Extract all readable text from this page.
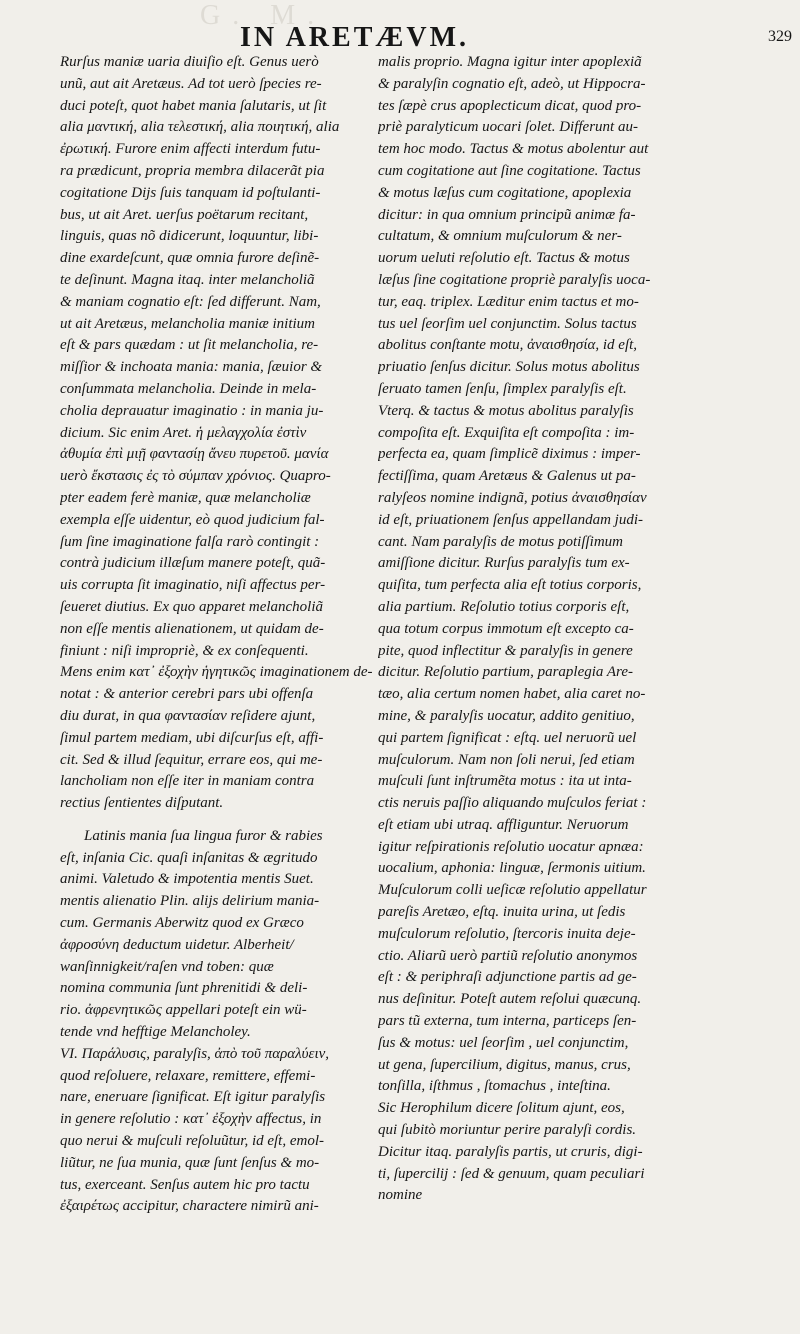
G. M.
IN ARETÆVM.	329
Rurſus maniæ uaria diuiſio eſt. Genus uerò
unũ, aut ait Aretæus. Ad tot uerò ſpecies re-
duci poteſt, quot habet mania ſalutaris, ut ſit
alia μαντική, alia τελεστική, alia ποιητική, alia
ἐρωτική. Furore enim affecti interdum futu-
ra prædicunt, propria membra dilacerãt pia
cogitatione Dijs ſuis tanquam id poſtulanti-
bus, ut ait Aret. uerſus poëtarum recitant,
linguis, quas nõ didicerunt, loquuntur, libi-
dine exardeſcunt, quæ omnia furore deſinẽ-
te deſinunt. Magna itaq. inter melancholiã
& maniam cognatio eſt: ſed differunt. Nam,
ut ait Aretæus, melancholia maniæ initium
eſt & pars quædam : ut ſit melancholia, re-
miſſior & inchoata mania: mania, ſæuior &
conſummata melancholia. Deinde in mela-
cholia deprauatur imaginatio : in mania ju-
dicium. Sic enim Aret. ἡ μελαγχολία ἐστὶν
ἀθυμία ἐπὶ μιῇ φαντασίῃ ἄνευ πυρετοῦ. μανία
uerò ἔκστασις ἐς τὸ σύμπαν χρόνιος. Quapro-
pter eadem ferè maniæ, quæ melancholiæ
exempla eſſe uidentur, eò quod judicium fal-
ſum ſine imaginatione falſa rarò contingit :
contrà judicium illæſum manere poteſt, quã-
uis corrupta ſit imaginatio, niſi affectus per-
ſeueret diutius. Ex quo apparet melancholiã
non eſſe mentis alienationem, ut quidam de-
finiunt : niſi impropriè, & ex conſequenti.
Mens enim κατ᾽ ἐξοχὴν ἡγητικῶς imaginationem de-
notat : & anterior cerebri pars ubi offenſa
diu durat, in qua φαντασίαν reſidere ajunt,
ſimul partem mediam, ubi diſcurſus eſt, affi-
cit. Sed & illud ſequitur, errare eos, qui me-
lancholiam non eſſe iter in maniam contra
rectius ſentientes diſputant.
Latinis mania ſua lingua furor & rabies
eſt, inſania Cic. quaſi inſanitas & ægritudo
animi. Valetudo & impotentia mentis Suet.
mentis alienatio Plin. alijs delirium mania-
cum. Germanis Aberwitz quod ex Græco
ἀφροσύνη deductum uidetur. Alberheit/
wanſinnigkeit/raſen vnd toben: quæ
nomina communia ſunt phrenitidi & deli-
rio. ἀφρενητικῶς appellari poteſt ein wü-
tende vnd hefftige Melancholey.
VI. Παράλυσις, paralyſis, ἀπὸ τοῦ παραλύειν,
quod reſoluere, relaxare, remittere, effemi-
nare, eneruare ſignificat. Eſt igitur paralyſis
in genere reſolutio : κατ᾽ ἐξοχὴν affectus, in
quo nerui & muſculi reſoluũtur, id eſt, emol-
liũtur, ne ſua munia, quæ ſunt ſenſus & mo-
tus, exerceant. Senſus autem hic pro tactu
ἐξαιρέτως accipitur, charactere nimirũ ani-
malis proprio. Magna igitur inter apoplexiã
& paralyſin cognatio eſt, adeò, ut Hippocra-
tes ſæpè crus apoplecticum dicat, quod pro-
priè paralyticum uocari ſolet. Differunt au-
tem hoc modo. Tactus & motus abolentur aut
cum cogitatione aut ſine cogitatione. Tactus
& motus læſus cum cogitatione, apoplexia
dicitur: in qua omnium principũ animæ fa-
cultatum, & omnium muſculorum & ner-
uorum ueluti reſolutio eſt. Tactus & motus
læſus ſine cogitatione propriè paralyſis uoca-
tur, eaq. triplex. Læditur enim tactus et mo-
tus uel ſeorſim uel conjunctim. Solus tactus
abolitus conſtante motu, ἀναισθησία, id eſt,
priuatio ſenſus dicitur. Solus motus abolitus
ſeruato tamen ſenſu, ſimplex paralyſis eſt.
Vterq. & tactus & motus abolitus paralyſis
compoſita eſt. Exquiſita eſt compoſita : im-
perfecta ea, quam ſimplicẽ diximus : imper-
fectiſſima, quam Aretæus & Galenus ut pa-
ralyſeos nomine indignã, potius ἀναισθησίαν
id eſt, priuationem ſenſus appellandam judi-
cant. Nam paralyſis de motus potiſſimum
amiſſione dicitur. Rurſus paralyſis tum ex-
quiſita, tum perfecta alia eſt totius corporis,
alia partium. Reſolutio totius corporis eſt,
qua totum corpus immotum eſt excepto ca-
pite, quod inflectitur & paralyſis in genere
dicitur. Reſolutio partium, paraplegia Are-
tæo, alia certum nomen habet, alia caret no-
mine, & paralyſis uocatur, addito genitiuo,
qui partem ſignificat : eſtq. uel neruorũ uel
muſculorum. Nam non ſoli nerui, ſed etiam
muſculi ſunt inſtrumẽta motus : ita ut inta-
ctis neruis paſſio aliquando muſculos feriat :
eſt etiam ubi utraq. affliguntur. Neruorum
igitur reſpirationis reſolutio uocatur apnæa:
uocalium, aphonia: linguæ, ſermonis uitium.
Muſculorum colli ueſicæ reſolutio appellatur
pareſis Aretæo, eſtq. inuita urina, ut ſedis
muſculorum reſolutio, ſtercoris inuita deje-
ctio. Aliarũ uerò partiũ reſolutio anonymos
eſt : & periphraſi adjunctione partis ad ge-
nus deſinitur. Poteſt autem reſolui quæcunq.
pars tũ externa, tum interna, particeps ſen-
ſus & motus: uel ſeorſim , uel conjunctim,
ut gena, ſupercilium, digitus, manus, crus,
tonſilla, iſthmus , ſtomachus , inteſtina.
Sic Herophilum dicere ſolitum ajunt, eos,
qui ſubitò moriuntur perire paralyſi cordis.
Dicitur itaq. paralyſis partis, ut cruris, digi-
ti, ſupercilij : ſed & genuum, quam peculiari
nomine
